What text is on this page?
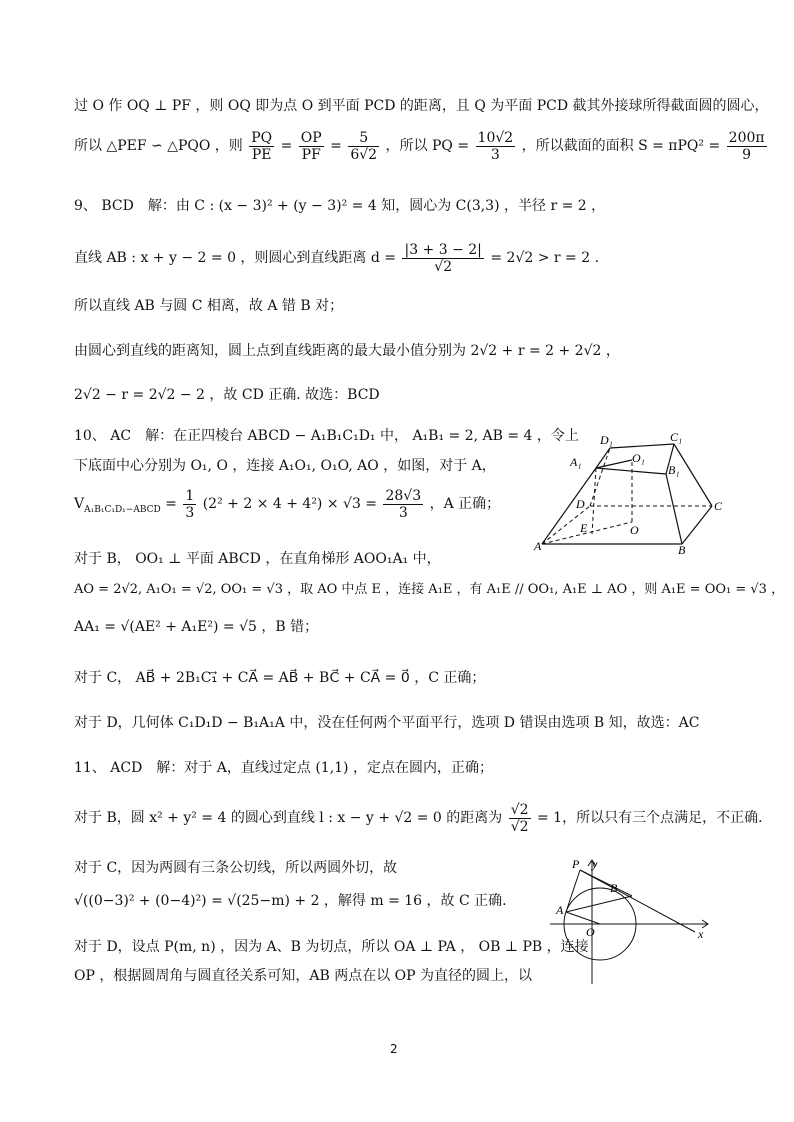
过 O 作 OQ ⊥ PF ，则 OQ 即为点 O 到平面 PCD 的距离，且 Q 为平面 PCD 截其外接球所得截面圆的圆心，
所以 △PEF ∽ △PQO ，则 $\frac{PQ}{PE} = \frac{OP}{PF} = \frac{5}{6√2}$ ，所以 PQ = $\frac{10√2}{3}$ ，所以截面的面积 $S = \pi PQ^2 = \frac{200\pi}{9}$
9、 BCD　解：由 C : (x − 3)² + (y − 3)² = 4 知，圆心为 C(3,3) ，半径 r = 2 ，
直线 AB : x + y − 2 = 0 ，则圆心到直线距离 $d = \frac{|3 + 3 - 2|}{√2} = 2√2 > r = 2$ .
所以直线 AB 与圆 C 相离，故 A 错 B 对；
由圆心到直线的距离知，圆上点到直线距离的最大最小值分别为 2√2 + r = 2 + 2√2 ，
2√2 − r = 2√2 − 2 ，故 CD 正确. 故选：BCD
10、 AC　解：在正四棱台 ABCD − A₁B₁C₁D₁ 中， A₁B₁ = 2, AB = 4 ，令上
下底面中心分别为 O₁, O ，连接 A₁O₁, O₁O, AO ，如图，对于 A，
$V_{A_1B_1C_1D_1-ABCD} = \frac{1}{3} (2^2 + 2 \times 4 + 4^2) \times √3 = \frac{28√3}{3}$ ，A 正确；
对于 B， OO₁ ⊥ 平面 ABCD ，在直角梯形 AOO₁A₁ 中，
AO = 2√2, A₁O₁ = √2, OO₁ = √3 ，取 AO 中点 E ，连接 A₁E ，有 A₁E // OO₁, A₁E ⊥ AO ，则 A₁E = OO₁ = √3 ，
AA₁ = √(AE² + A₁E²) = √5 ，B 错；
对于 C， AB⃗ + 2B₁C₁⃗ + CA⃗ = AB⃗ + BC⃗ + CA⃗ = 0⃗ ，C 正确；
对于 D，几何体 C₁D₁D − B₁A₁A 中，没在任何两个平面平行，选项 D 错误由选项 B 知，故选：AC
11、 ACD　解：对于 A，直线过定点 (1,1) ，定点在圆内，正确；
对于 B，圆 x² + y² = 4 的圆心到直线 l : x − y + √2 = 0 的距离为 $\frac{√2}{√2} = 1$，所以只有三个点满足，不正确.
对于 C，因为两圆有三条公切线，所以两圆外切，故
√((0−3)² + (0−4)²) = √(25−m) + 2 ，解得 m = 16 ，故 C 正确.
对于 D，设点 P(m, n) ，因为 A、B 为切点，所以 OA ⊥ PA ， OB ⊥ PB ，连接
OP ，根据圆周角与圆直径关系可知，AB 两点在以 OP 为直径的圆上，以
D₁	C₁
A₁	O₁
B₁
D	C
E	O
A	B
P y
B
A
O	x
2
